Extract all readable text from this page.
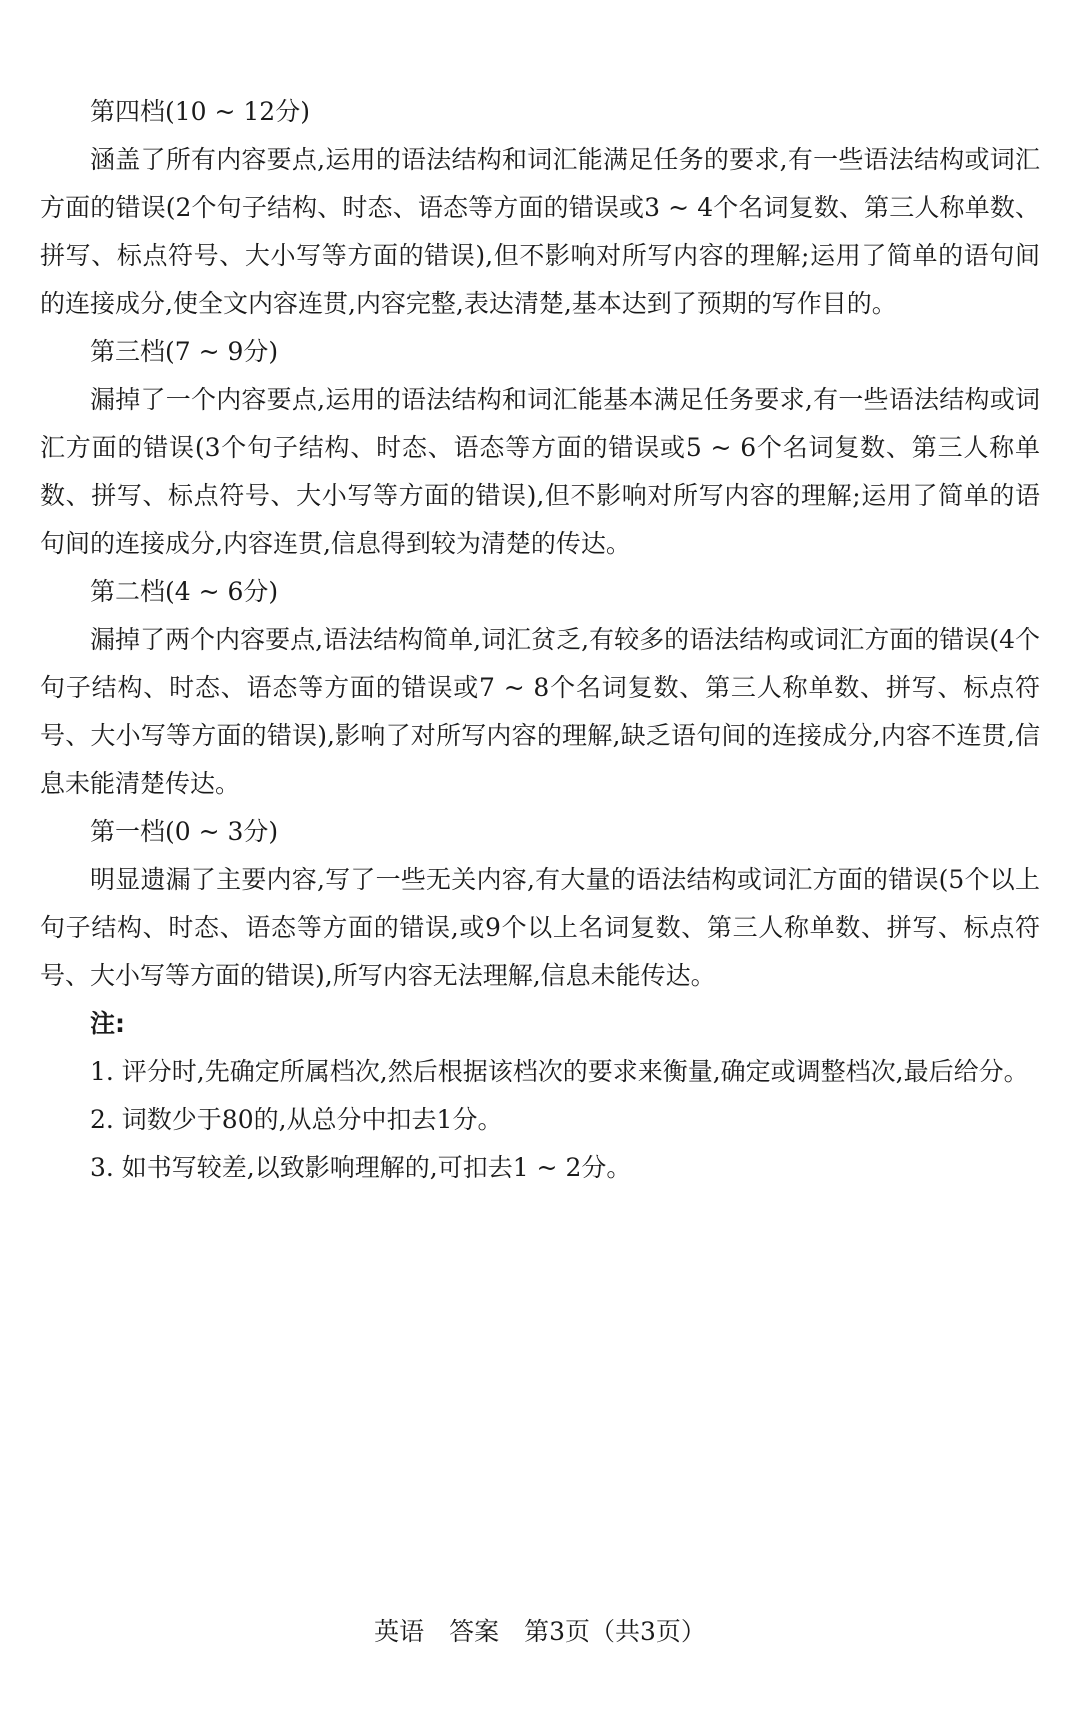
第四档(10 ~ 12分)

涵盖了所有内容要点,运用的语法结构和词汇能满足任务的要求,有一些语法结构或词汇方面的错误(2个句子结构、时态、语态等方面的错误或3 ~ 4个名词复数、第三人称单数、拼写、标点符号、大小写等方面的错误),但不影响对所写内容的理解;运用了简单的语句间的连接成分,使全文内容连贯,内容完整,表达清楚,基本达到了预期的写作目的。

第三档(7 ~ 9分)

漏掉了一个内容要点,运用的语法结构和词汇能基本满足任务要求,有一些语法结构或词汇方面的错误(3个句子结构、时态、语态等方面的错误或5 ~ 6个名词复数、第三人称单数、拼写、标点符号、大小写等方面的错误),但不影响对所写内容的理解;运用了简单的语句间的连接成分,内容连贯,信息得到较为清楚的传达。

第二档(4 ~ 6分)

漏掉了两个内容要点,语法结构简单,词汇贫乏,有较多的语法结构或词汇方面的错误(4个句子结构、时态、语态等方面的错误或7 ~ 8个名词复数、第三人称单数、拼写、标点符号、大小写等方面的错误),影响了对所写内容的理解,缺乏语句间的连接成分,内容不连贯,信息未能清楚传达。

第一档(0 ~ 3分)

明显遗漏了主要内容,写了一些无关内容,有大量的语法结构或词汇方面的错误(5个以上句子结构、时态、语态等方面的错误,或9个以上名词复数、第三人称单数、拼写、标点符号、大小写等方面的错误),所写内容无法理解,信息未能传达。

注:

1. 评分时,先确定所属档次,然后根据该档次的要求来衡量,确定或调整档次,最后给分。
2. 词数少于80的,从总分中扣去1分。
3. 如书写较差,以致影响理解的,可扣去1 ~ 2分。
英语　答案　第3页（共3页）
